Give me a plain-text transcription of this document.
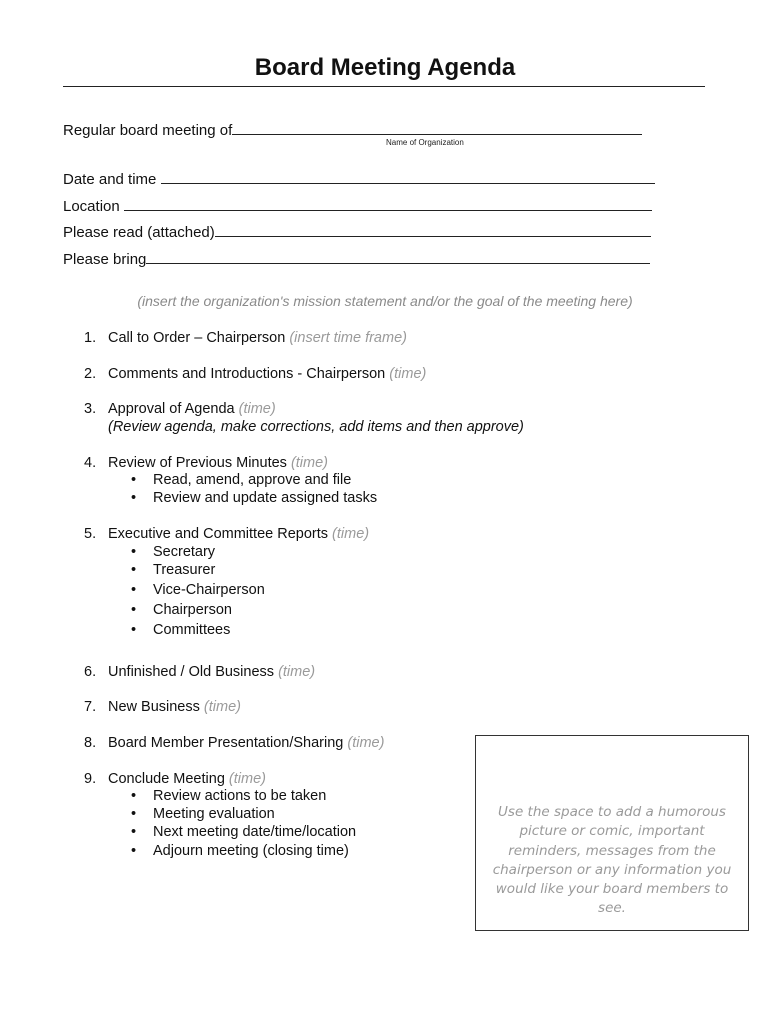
Board Meeting Agenda
Regular board meeting of
Name of Organization
Date and time
Location
Please read (attached)
Please bring
(insert the organization's mission statement and/or the goal of the meeting here)
1. Call to Order – Chairperson (insert time frame)
2. Comments and Introductions - Chairperson (time)
3. Approval of Agenda (time)
(Review agenda, make corrections, add items and then approve)
4. Review of Previous Minutes (time)
• Read, amend, approve and file
• Review and update assigned tasks
5. Executive and Committee Reports (time)
• Secretary
• Treasurer
• Vice-Chairperson
• Chairperson
• Committees
6. Unfinished / Old Business (time)
7. New Business (time)
8. Board Member Presentation/Sharing (time)
9. Conclude Meeting (time)
• Review actions to be taken
• Meeting evaluation
• Next meeting date/time/location
• Adjourn meeting (closing time)
Use the space to add a humorous picture or comic, important reminders, messages from the chairperson or any information you would like your board members to see.
